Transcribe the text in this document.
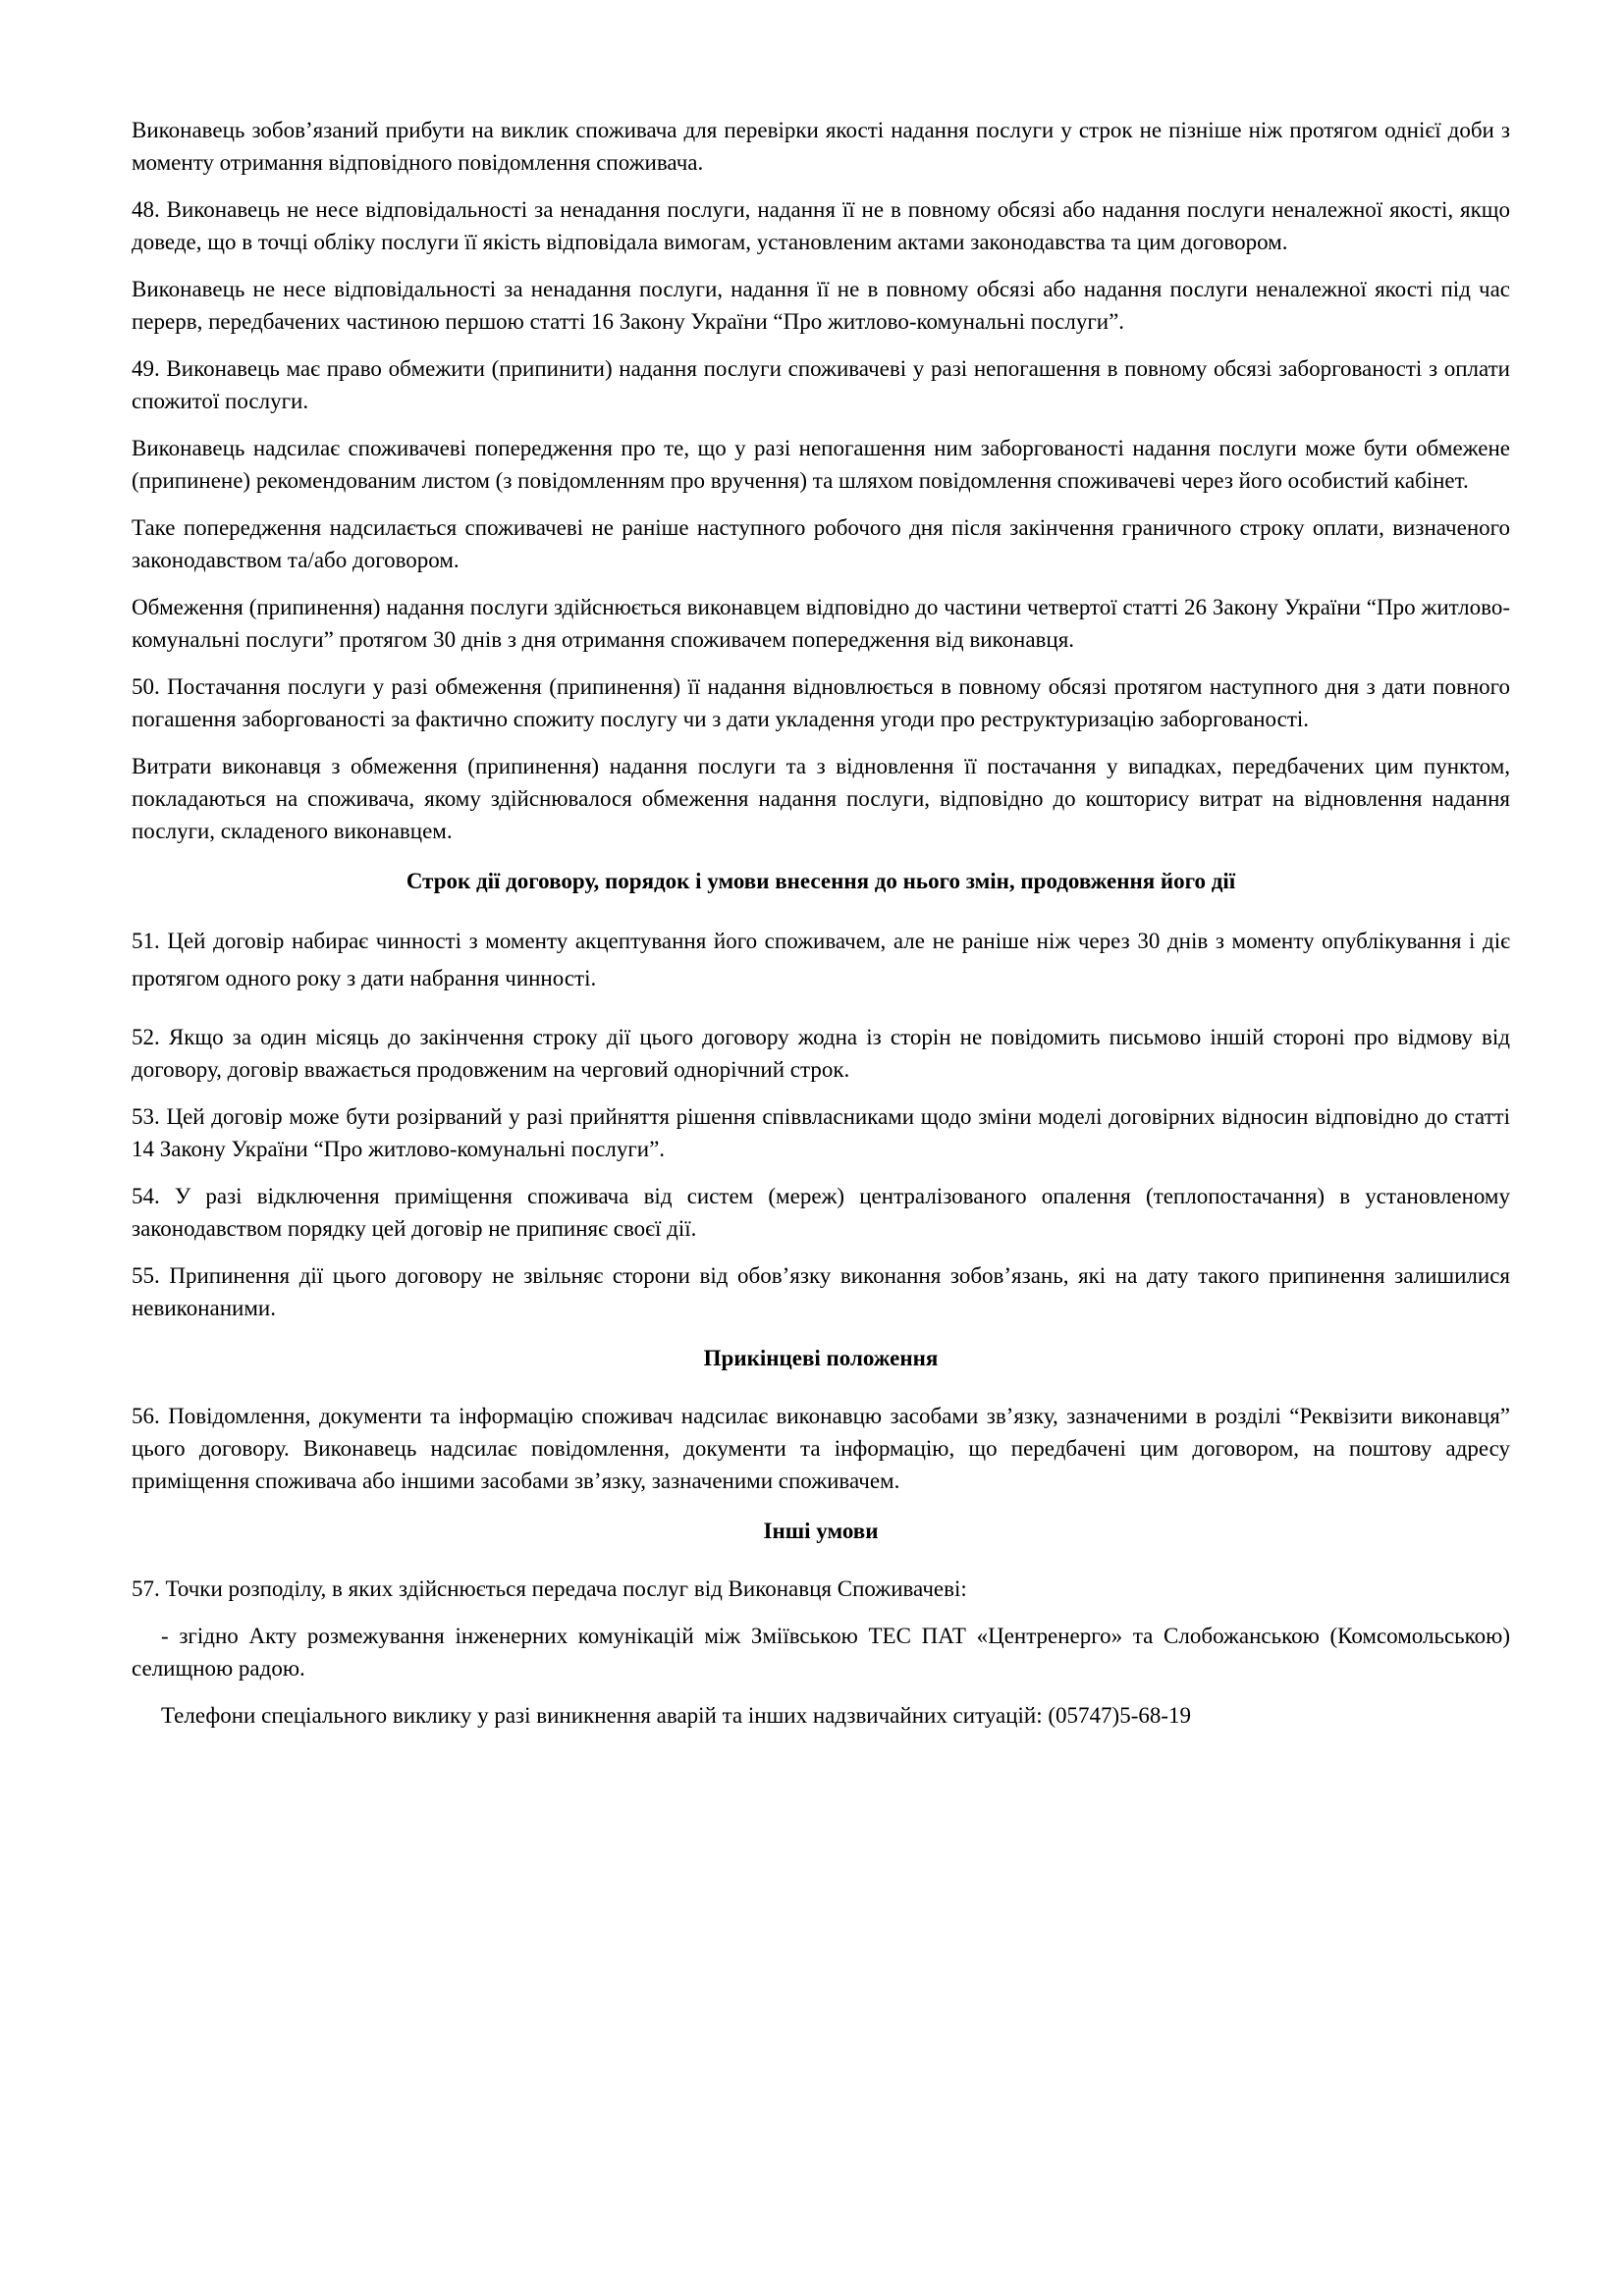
Виконавець зобов’язаний прибути на виклик споживача для перевірки якості надання послуги у строк не пізніше ніж протягом однієї доби з моменту отримання відповідного повідомлення споживача.

48. Виконавець не несе відповідальності за ненадання послуги, надання її не в повному обсязі або надання послуги неналежної якості, якщо доведе, що в точці обліку послуги її якість відповідала вимогам, установленим актами законодавства та цим договором.

Виконавець не несе відповідальності за ненадання послуги, надання її не в повному обсязі або надання послуги неналежної якості під час перерв, передбачених частиною першою статті 16 Закону України “Про житлово-комунальні послуги”.

49. Виконавець має право обмежити (припинити) надання послуги споживачеві у разі непогашення в повному обсязі заборгованості з оплати спожитої послуги.

Виконавець надсилає споживачеві попередження про те, що у разі непогашення ним заборгованості надання послуги може бути обмежене (припинене) рекомендованим листом (з повідомленням про вручення) та шляхом повідомлення споживачеві через його особистий кабінет.

Таке попередження надсилається споживачеві не раніше наступного робочого дня після закінчення граничного строку оплати, визначеного законодавством та/або договором.

Обмеження (припинення) надання послуги здійснюється виконавцем відповідно до частини четвертої статті 26 Закону України “Про житлово-комунальні послуги” протягом 30 днів з дня отримання споживачем попередження від виконавця.

50. Постачання послуги у разі обмеження (припинення) її надання відновлюється в повному обсязі протягом наступного дня з дати повного погашення заборгованості за фактично спожиту послугу чи з дати укладення угоди про реструктуризацію заборгованості.

Витрати виконавця з обмеження (припинення) надання послуги та з відновлення її постачання у випадках, передбачених цим пунктом, покладаються на споживача, якому здійснювалося обмеження надання послуги, відповідно до кошторису витрат на відновлення надання послуги, складеного виконавцем.

Строк дії договору, порядок і умови внесення до нього змін, продовження його дії

51. Цей договір набирає чинності з моменту акцептування його споживачем, але не раніше ніж через 30 днів з моменту опублікування і діє протягом одного року з дати набрання чинності.

52. Якщо за один місяць до закінчення строку дії цього договору жодна із сторін не повідомить письмово іншій стороні про відмову від договору, договір вважається продовженим на черговий однорічний строк.

53. Цей договір може бути розірваний у разі прийняття рішення співвласниками щодо зміни моделі договірних відносин відповідно до статті 14 Закону України “Про житлово-комунальні послуги”.

54. У разі відключення приміщення споживача від систем (мереж) централізованого опалення (теплопостачання) в установленому законодавством порядку цей договір не припиняє своєї дії.

55. Припинення дії цього договору не звільняє сторони від обов’язку виконання зобов’язань, які на дату такого припинення залишилися невиконаними.

Прикінцеві положення

56. Повідомлення, документи та інформацію споживач надсилає виконавцю засобами зв’язку, зазначеними в розділі “Реквізити виконавця” цього договору. Виконавець надсилає повідомлення, документи та інформацію, що передбачені цим договором, на поштову адресу приміщення споживача або іншими засобами зв’язку, зазначеними споживачем.

Інші умови

57. Точки розподілу, в яких здійснюється передача послуг від Виконавця Споживачеві:

- згідно Акту розмежування інженерних комунікацій між Зміївською ТЕС ПАТ «Центренерго» та Слобожанською (Комсомольською) селищною радою.

Телефони спеціального виклику у разі виникнення аварій та інших надзвичайних ситуацій: (05747)5-68-19
